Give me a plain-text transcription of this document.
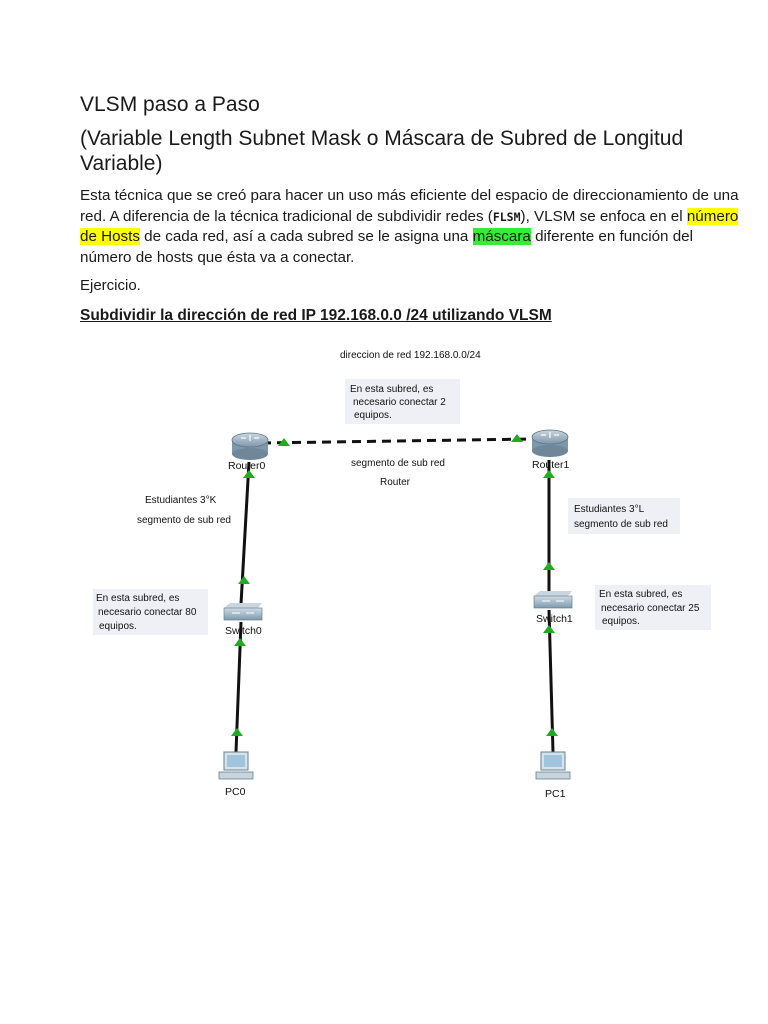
VLSM paso a Paso
(Variable Length Subnet Mask o Máscara de Subred de Longitud Variable)

Esta técnica que se creó para hacer un uso más eficiente del espacio de direccionamiento de una red. A diferencia de la técnica tradicional de subdividir redes (FLSM), VLSM se enfoca en el número de Hosts de cada red, así a cada subred se le asigna una máscara diferente en función del número de hosts que ésta va a conectar.

Ejercicio.

Subdividir la dirección de red IP 192.168.0.0 /24 utilizando VLSM

Router0	Router1
Switch0
Switch1
PC0	PC1
direccion de red 192.168.0.0/24
En esta subred, es
necesario conectar 2
equipos.
segmento de sub red
Router
Estudiantes 3°K
segmento de sub red
Estudiantes 3°L
segmento de sub red
En esta subred, es
necesario conectar 80
equipos.
En esta subred, es
necesario conectar 25
equipos.
